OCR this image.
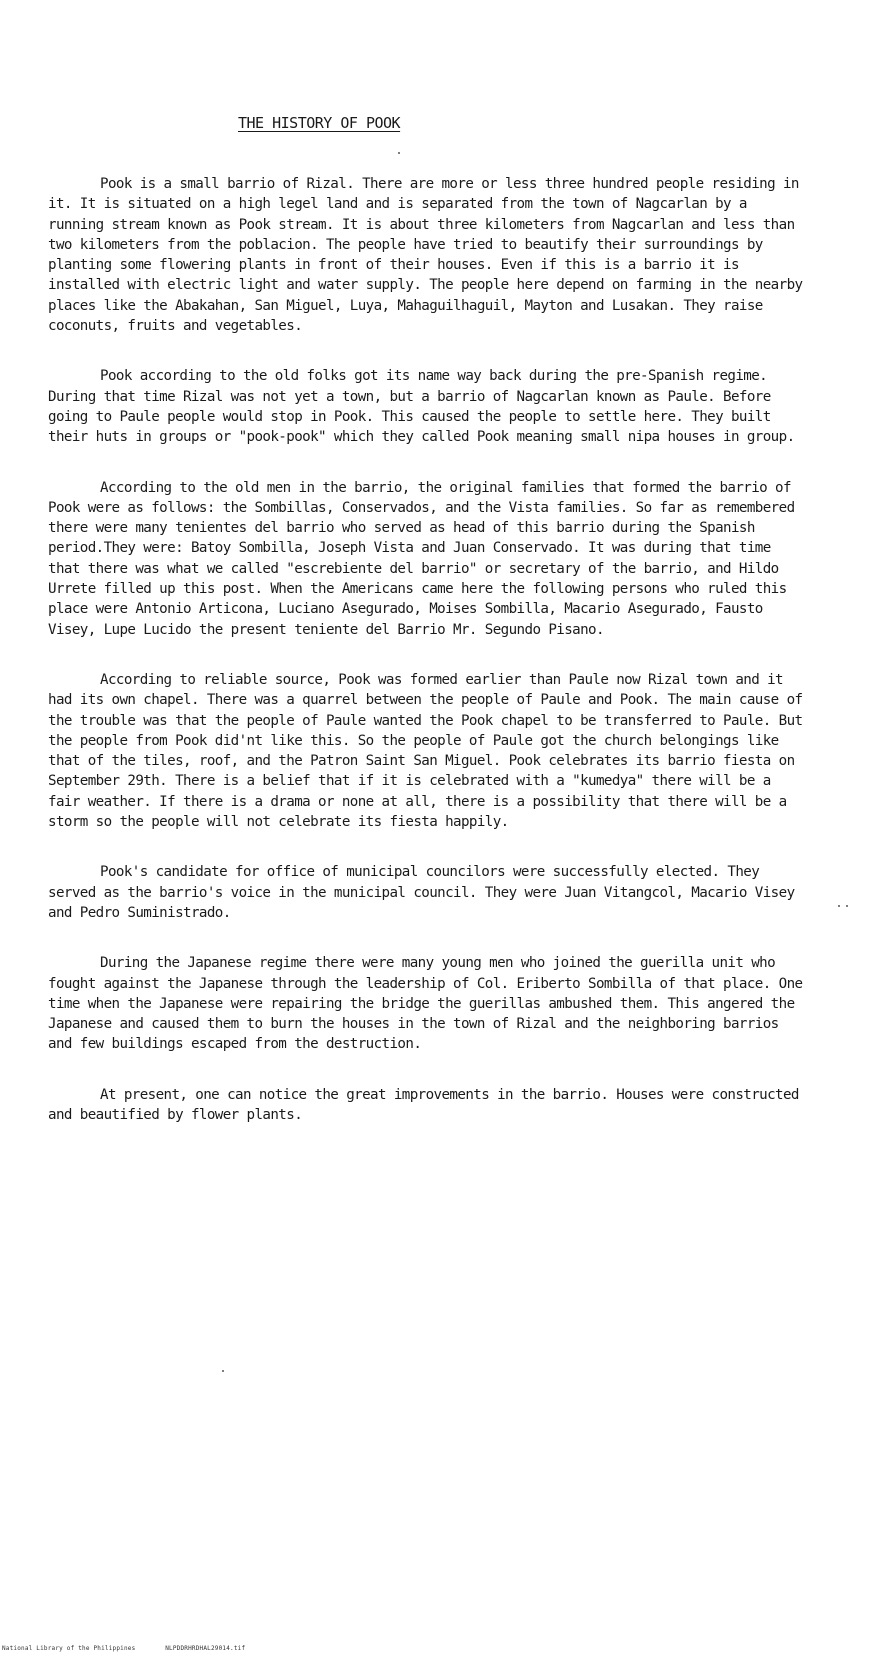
THE HISTORY OF POOK

Pook is a small barrio of Rizal. There are more or less three hundred people residing in it. It is situated on a high legel land and is separated from the town of Nagcarlan by a running stream known as Pook stream. It is about three kilometers from Nagcarlan and less than two kilometers from the poblacion. The people have tried to beautify their surroundings by planting some flowering plants in front of their houses. Even if this is a barrio it is installed with electric light and water supply. The people here depend on farming in the nearby places like the Abakahan, San Miguel, Luya, Mahaguilhaguil, Mayton and Lusakan. They raise coconuts, fruits and vegetables.

Pook according to the old folks got its name way back during the pre-Spanish regime. During that time Rizal was not yet a town, but a barrio of Nagcarlan known as Paule. Before going to Paule people would stop in Pook. This caused the people to settle here. They built their huts in groups or "pook-pook" which they called Pook meaning small nipa houses in group.

According to the old men in the barrio, the original families that formed the barrio of Pook were as follows: the Sombillas, Conservados, and the Vista families. So far as remembered there were many tenientes del barrio who served as head of this barrio during the Spanish period.They were: Batoy Sombilla, Joseph Vista and Juan Conservado. It was during that time that there was what we called "escrebiente del barrio" or secretary of the barrio, and Hildo Urrete filled up this post. When the Americans came here the following persons who ruled this place were Antonio Articona, Luciano Asegurado, Moises Sombilla, Macario Asegurado, Fausto Visey, Lupe Lucido the present teniente del Barrio Mr. Segundo Pisano.

According to reliable source, Pook was formed earlier than Paule now Rizal town and it had its own chapel. There was a quarrel between the people of Paule and Pook. The main cause of the trouble was that the people of Paule wanted the Pook chapel to be transferred to Paule. But the people from Pook did'nt like this. So the people of Paule got the church belongings like that of the tiles, roof, and the Patron Saint San Miguel. Pook celebrates its barrio fiesta on September 29th. There is a belief that if it is celebrated with a "kumedya" there will be a fair weather. If there is a drama or none at all, there is a possibility that there will be a storm so the people will not celebrate its fiesta happily.

Pook's candidate for office of municipal councilors were successfully elected. They served as the barrio's voice in the municipal council. They were Juan Vitangcol, Macario Visey and Pedro Suministrado.

During the Japanese regime there were many young men who joined the guerilla unit who fought against the Japanese through the leadership of Col. Eriberto Sombilla of that place. One time when the Japanese were repairing the bridge the guerillas ambushed them. This angered the Japanese and caused them to burn the houses in the town of Rizal and the neighboring barrios and few buildings escaped from the destruction.

At present, one can notice the great improvements in the barrio. Houses were constructed and beautified by flower plants.

National Library of the Philippines	NLPDDRHRDHAL29014.tif
